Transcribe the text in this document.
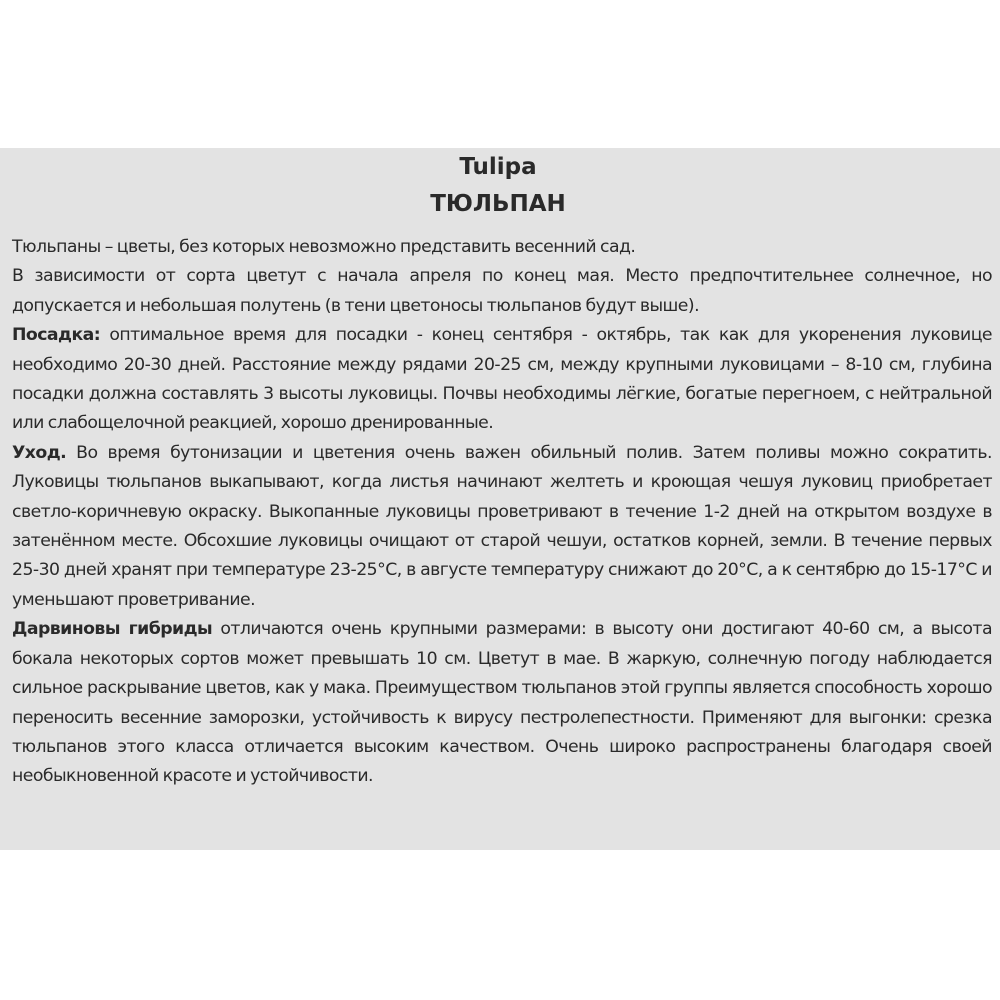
Tulipa
ТЮЛЬПАН

Тюльпаны – цветы, без которых невозможно представить весенний сад.

В зависимости от сорта цветут с начала апреля по конец мая. Место предпочтительнее солнечное, но допускается и небольшая полутень (в тени цветоносы тюльпанов будут выше).

Посадка: оптимальное время для посадки - конец сентября - октябрь, так как для укоренения луковице необходимо 20-30 дней. Расстояние между рядами 20-25 см, между крупными луковицами – 8-10 см, глубина посадки должна составлять 3 высоты луковицы. Почвы необходимы лёгкие, богатые перегноем, с нейтральной или слабощелочной реакцией, хорошо дренированные.

Уход. Во время бутонизации и цветения очень важен обильный полив. Затем поливы можно сократить. Луковицы тюльпанов выкапывают, когда листья начинают желтеть и кроющая чешуя луковиц приобретает светло-коричневую окраску. Выкопанные луковицы проветривают в течение 1-2 дней на открытом воздухе в затенённом месте. Обсохшие луковицы очищают от старой чешуи, остатков корней, земли. В течение первых 25-30 дней хранят при температуре 23-25°С, в августе температуру снижают до 20°С, а к сентябрю до 15-17°С и уменьшают проветривание.

Дарвиновы гибриды отличаются очень крупными размерами: в высоту они достигают 40-60 см, а высота бокала некоторых сортов может превышать 10 см. Цветут в мае. В жаркую, солнечную погоду наблюдается сильное раскрывание цветов, как у мака. Преимуществом тюльпанов этой группы является способность хорошо переносить весенние заморозки, устойчивость к вирусу пестролепестности. Применяют для выгонки: срезка тюльпанов этого класса отличается высоким качеством. Очень широко распространены благодаря своей необыкновенной красоте и устойчивости.
